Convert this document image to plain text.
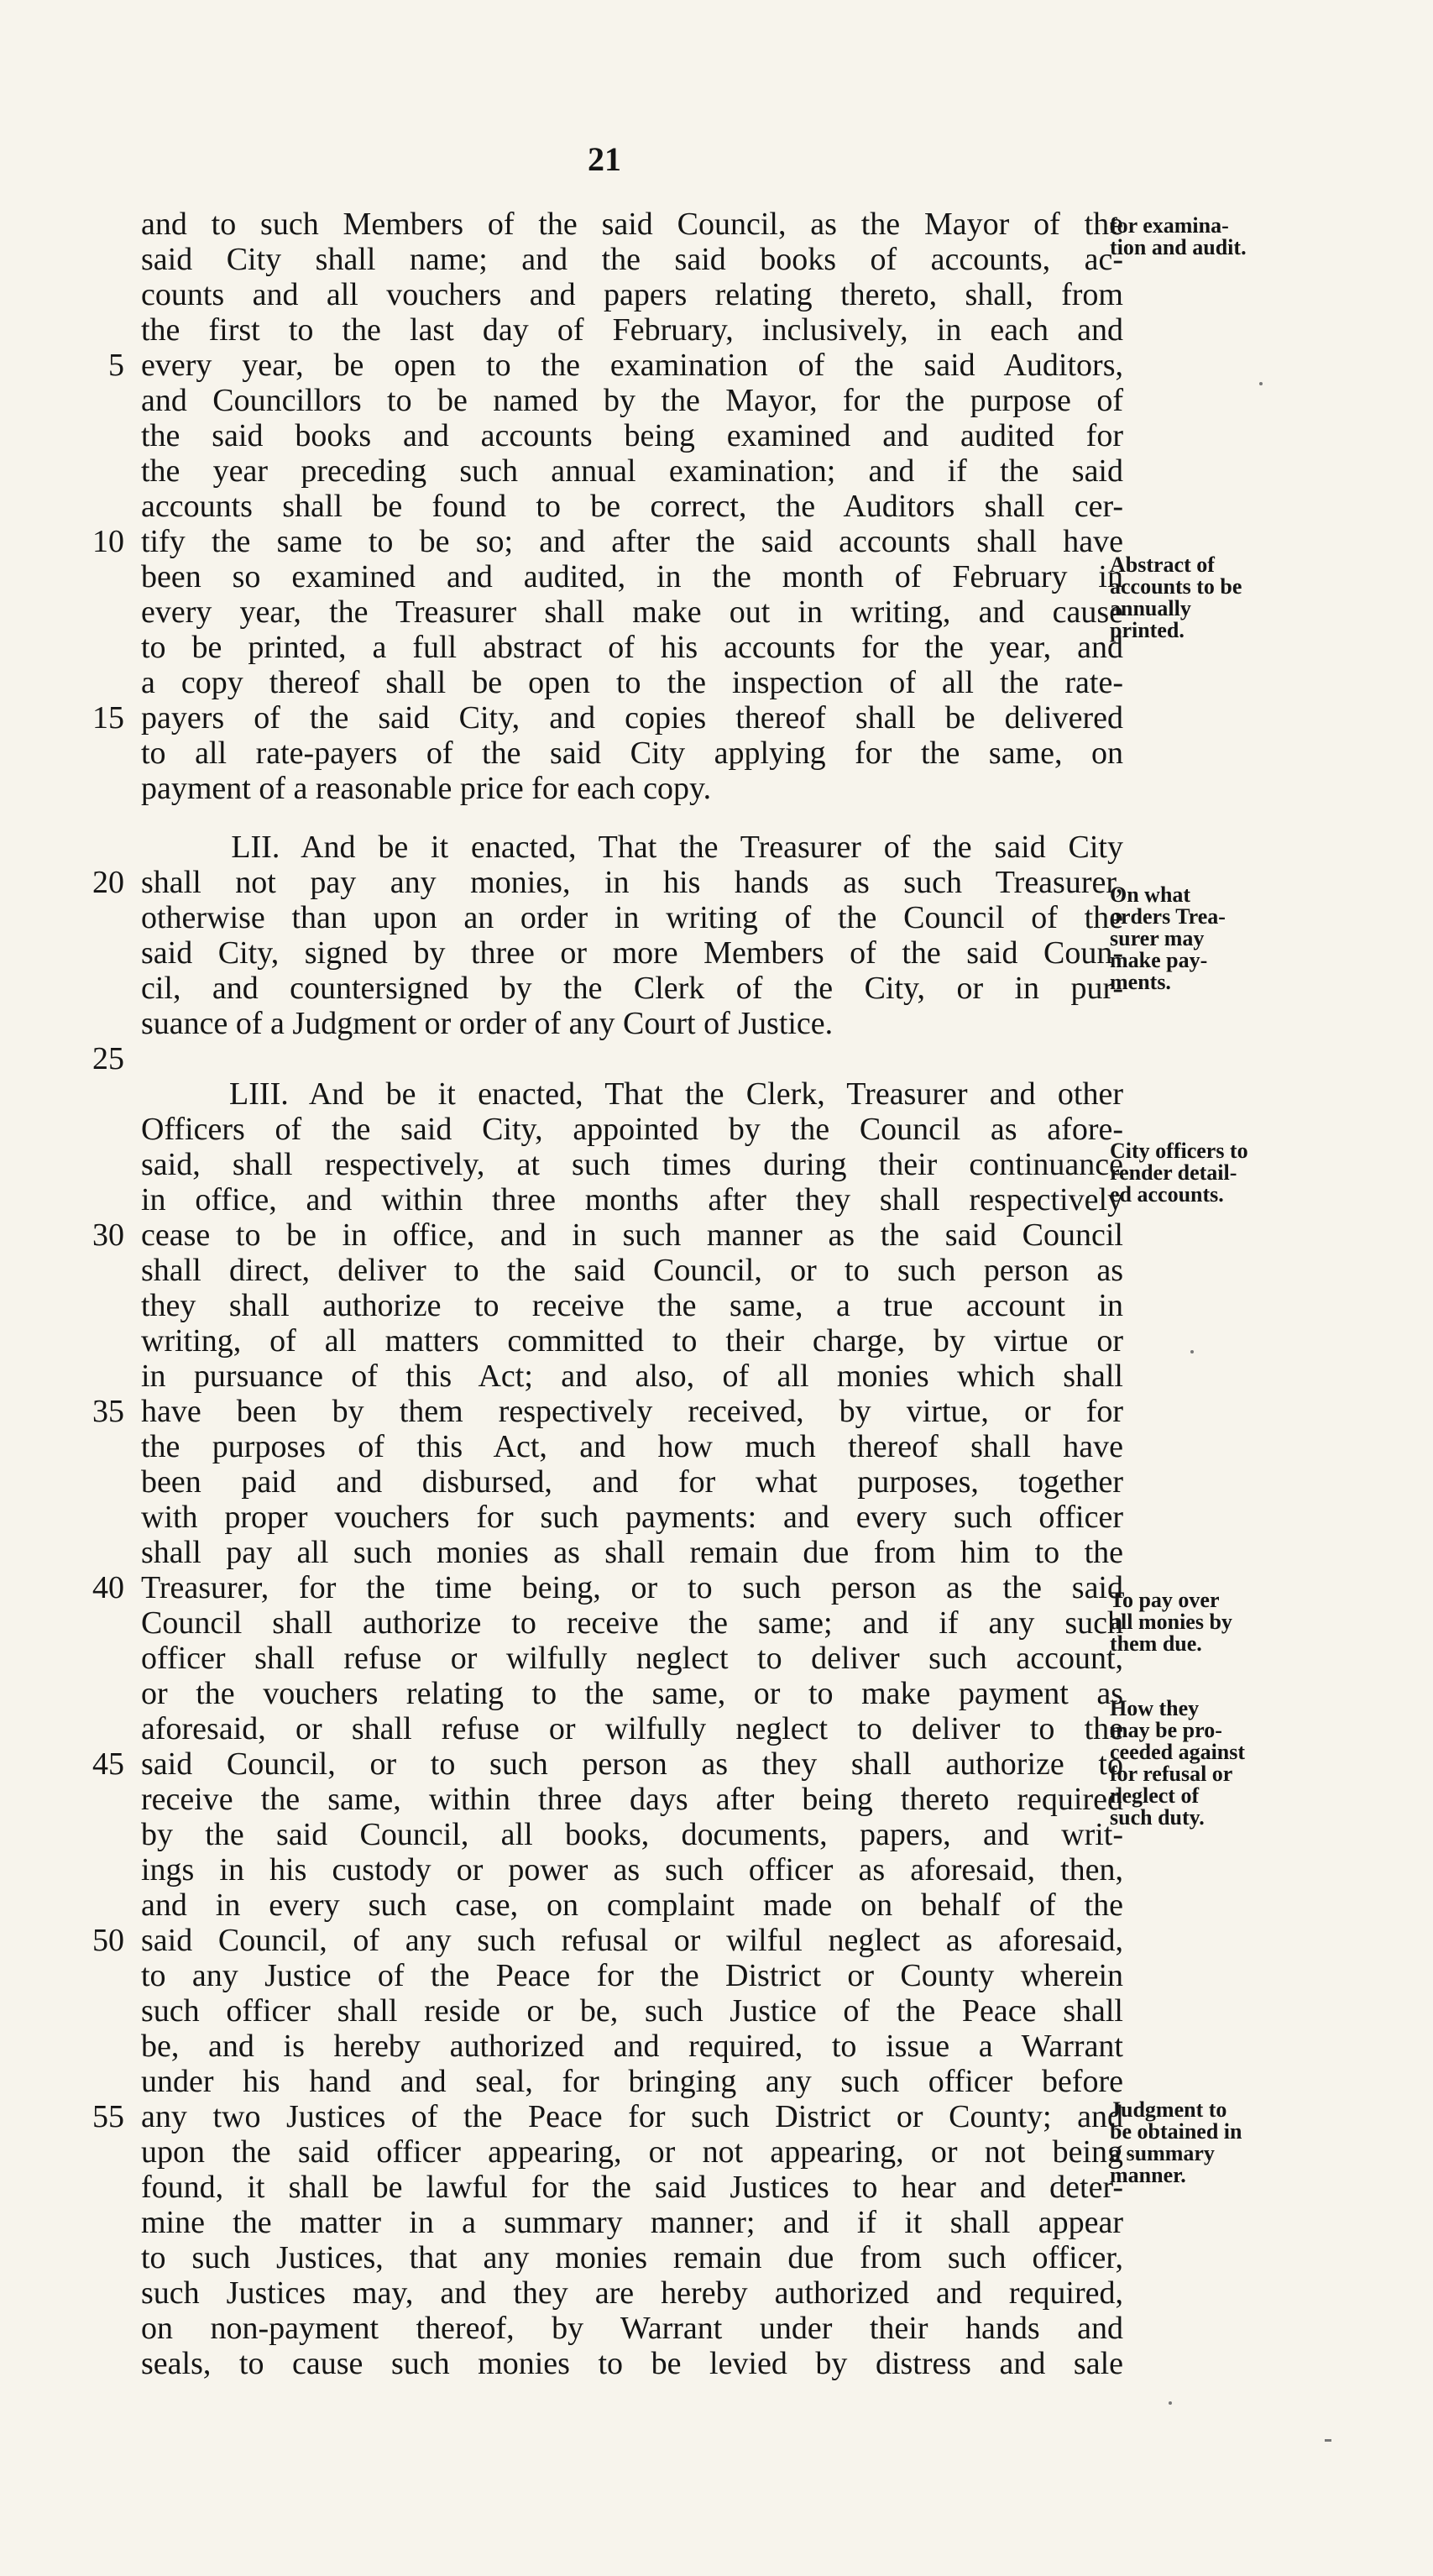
21
and to such Members of the said Council, as the Mayor of the
said City shall name; and the said books of accounts, ac-
counts and all vouchers and papers relating thereto, shall, from
the first to the last day of February, inclusively, in each and
5 every year, be open to the examination of the said Auditors,
and Councillors to be named by the Mayor, for the purpose of
the said books and accounts being examined and audited for
the year preceding such annual examination; and if the said
accounts shall be found to be correct, the Auditors shall cer-
10 tify the same to be so; and after the said accounts shall have
been so examined and audited, in the month of February in
every year, the Treasurer shall make out in writing, and cause
to be printed, a full abstract of his accounts for the year, and
a copy thereof shall be open to the inspection of all the rate-
15 payers of the said City, and copies thereof shall be delivered
to all rate-payers of the said City applying for the same, on
payment of a reasonable price for each copy.
LII. And be it enacted, That the Treasurer of the said City
20 shall not pay any monies, in his hands as such Treasurer,
otherwise than upon an order in writing of the Council of the
said City, signed by three or more Members of the said Coun-
cil, and countersigned by the Clerk of the City, or in pur-
suance of a Judgment or order of any Court of Justice.
25
LIII. And be it enacted, That the Clerk, Treasurer and other
Officers of the said City, appointed by the Council as afore-
said, shall respectively, at such times during their continuance
in office, and within three months after they shall respectively
30 cease to be in office, and in such manner as the said Council
shall direct, deliver to the said Council, or to such person as
they shall authorize to receive the same, a true account in
writing, of all matters committed to their charge, by virtue or
in pursuance of this Act; and also, of all monies which shall
35 have been by them respectively received, by virtue, or for
the purposes of this Act, and how much thereof shall have
been paid and disbursed, and for what purposes, together
with proper vouchers for such payments: and every such officer
shall pay all such monies as shall remain due from him to the
40 Treasurer, for the time being, or to such person as the said
Council shall authorize to receive the same; and if any such
officer shall refuse or wilfully neglect to deliver such account,
or the vouchers relating to the same, or to make payment as
aforesaid, or shall refuse or wilfully neglect to deliver to the
45 said Council, or to such person as they shall authorize to
receive the same, within three days after being thereto required
by the said Council, all books, documents, papers, and writ-
ings in his custody or power as such officer as aforesaid, then,
and in every such case, on complaint made on behalf of the
50 said Council, of any such refusal or wilful neglect as aforesaid,
to any Justice of the Peace for the District or County wherein
such officer shall reside or be, such Justice of the Peace shall
be, and is hereby authorized and required, to issue a Warrant
under his hand and seal, for bringing any such officer before
55 any two Justices of the Peace for such District or County; and
upon the said officer appearing, or not appearing, or not being
found, it shall be lawful for the said Justices to hear and deter-
mine the matter in a summary manner; and if it shall appear
to such Justices, that any monies remain due from such officer,
such Justices may, and they are hereby authorized and required,
on non-payment thereof, by Warrant under their hands and
seals, to cause such monies to be levied by distress and sale
for examina-
tion and audit.
Abstract of
accounts to be
annually
printed.
On what
orders Trea-
surer may
make pay-
ments.
City officers to
render detail-
ed accounts.
To pay over
all monies by
them due.
How they
may be pro-
ceeded against
for refusal or
neglect of
such duty.
Judgment to
be obtained in
a summary
manner.
